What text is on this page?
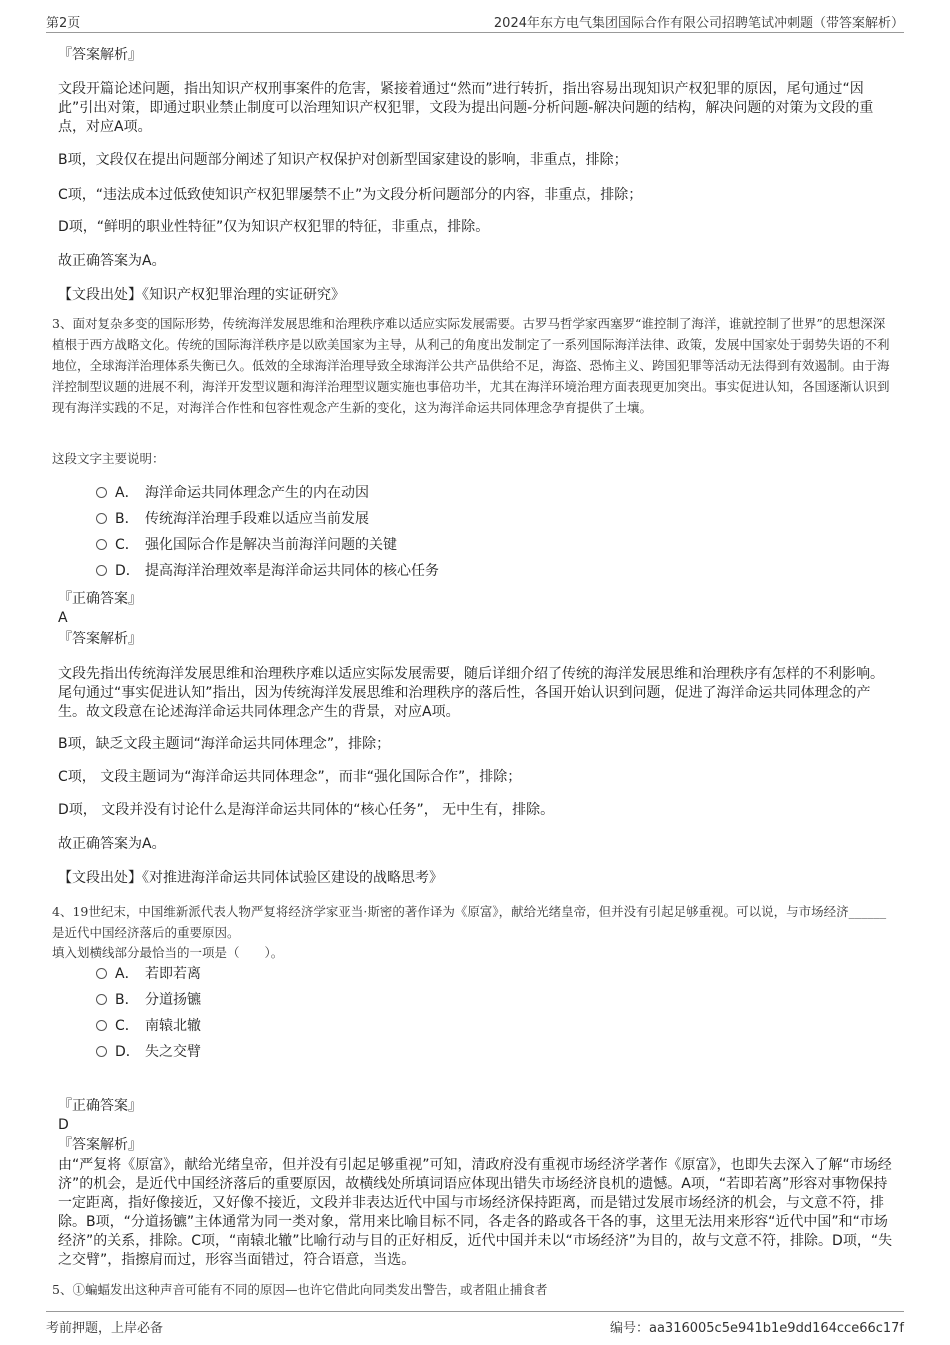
第2页	2024年东方电气集团国际合作有限公司招聘笔试冲刺题（带答案解析）
『答案解析』
文段开篇论述问题，指出知识产权刑事案件的危害，紧接着通过“然而”进行转折，指出容易出现知识产权犯罪的原因，尾句通过“因此”引出对策，即通过职业禁止制度可以治理知识产权犯罪，文段为提出问题-分析问题-解决问题的结构，解决问题的对策为文段的重点，对应A项。
B项，文段仅在提出问题部分阐述了知识产权保护对创新型国家建设的影响，非重点，排除；
C项，“违法成本过低致使知识产权犯罪屡禁不止”为文段分析问题部分的内容，非重点，排除；
D项，“鲜明的职业性特征”仅为知识产权犯罪的特征，非重点，排除。
故正确答案为A。
【文段出处】《知识产权犯罪治理的实证研究》
3、面对复杂多变的国际形势，传统海洋发展思维和治理秩序难以适应实际发展需要。古罗马哲学家西塞罗“谁控制了海洋，谁就控制了世界”的思想深深植根于西方战略文化。传统的国际海洋秩序是以欧美国家为主导，从利己的角度出发制定了一系列国际海洋法律、政策，发展中国家处于弱势失语的不利地位，全球海洋治理体系失衡已久。低效的全球海洋治理导致全球海洋公共产品供给不足，海盗、恐怖主义、跨国犯罪等活动无法得到有效遏制。由于海洋控制型议题的进展不利，海洋开发型议题和海洋治理型议题实施也事倍功半，尤其在海洋环境治理方面表现更加突出。事实促进认知，各国逐渐认识到现有海洋实践的不足，对海洋合作性和包容性观念产生新的变化，这为海洋命运共同体理念孕育提供了土壤。
这段文字主要说明：
A． 海洋命运共同体理念产生的内在动因
B． 传统海洋治理手段难以适应当前发展
C． 强化国际合作是解决当前海洋问题的关键
D． 提高海洋治理效率是海洋命运共同体的核心任务
『正确答案』
A
『答案解析』
文段先指出传统海洋发展思维和治理秩序难以适应实际发展需要，随后详细介绍了传统的海洋发展思维和治理秩序有怎样的不利影响。尾句通过“事实促进认知”指出，因为传统海洋发展思维和治理秩序的落后性，各国开始认识到问题，促进了海洋命运共同体理念的产生。故文段意在论述海洋命运共同体理念产生的背景，对应A项。
B项，缺乏文段主题词“海洋命运共同体理念”，排除；
C项， 文段主题词为“海洋命运共同体理念”，而非“强化国际合作”，排除；
D项， 文段并没有讨论什么是海洋命运共同体的“核心任务”， 无中生有，排除。
故正确答案为A。
【文段出处】《对推进海洋命运共同体试验区建设的战略思考》
4、19世纪末，中国维新派代表人物严复将经济学家亚当·斯密的著作译为《原富》，献给光绪皇帝，但并没有引起足够重视。可以说，与市场经济______是近代中国经济落后的重要原因。
填入划横线部分最恰当的一项是（　　）。
A． 若即若离
B． 分道扬镳
C． 南辕北辙
D． 失之交臂
『正确答案』
D
『答案解析』
由“严复将《原富》，献给光绪皇帝，但并没有引起足够重视”可知，清政府没有重视市场经济学著作《原富》，也即失去深入了解“市场经济”的机会，是近代中国经济落后的重要原因，故横线处所填词语应体现出错失市场经济良机的遗憾。A项，“若即若离”形容对事物保持一定距离，指好像接近，又好像不接近，文段并非表达近代中国与市场经济保持距离，而是错过发展市场经济的机会，与文意不符，排除。B项，“分道扬镳”主体通常为同一类对象，常用来比喻目标不同，各走各的路或各干各的事，这里无法用来形容“近代中国”和“市场经济”的关系，排除。C项，“南辕北辙”比喻行动与目的正好相反，近代中国并未以“市场经济”为目的，故与文意不符，排除。D项，“失之交臂”，指擦肩而过，形容当面错过，符合语意，当选。
5、①蝙蝠发出这种声音可能有不同的原因—也许它借此向同类发出警告，或者阻止捕食者
考前押题，上岸必备	编号：aa316005c5e941b1e9dd164cce66c17f
